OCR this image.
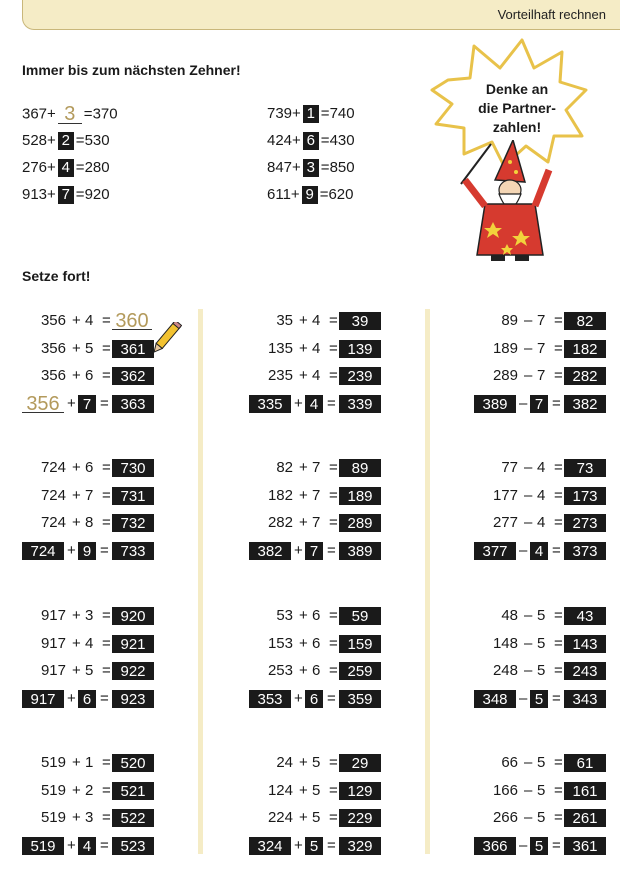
Vorteilhaft rechnen
Immer bis zum nächsten Zehner!
367+ 3 =370
528+ 2 =530
276+ 4 =280
913+ 7 =920
739+ 1 =740
424+ 6 =430
847+ 3 =850
611+ 9 =620
Denke an
die Partner-
zahlen!
Setze fort!
356 + 4 = 360
356 + 5 = 361
356 + 6 = 362
356 + 7 = 363
35 + 4 = 39
135 + 4 = 139
235 + 4 = 239
335 + 4 = 339
89 – 7 = 82
189 – 7 = 182
289 – 7 = 282
389 – 7 = 382
724 + 6 = 730
724 + 7 = 731
724 + 8 = 732
724 + 9 = 733
82 + 7 = 89
182 + 7 = 189
282 + 7 = 289
382 + 7 = 389
77 – 4 = 73
177 – 4 = 173
277 – 4 = 273
377 – 4 = 373
917 + 3 = 920
917 + 4 = 921
917 + 5 = 922
917 + 6 = 923
53 + 6 = 59
153 + 6 = 159
253 + 6 = 259
353 + 6 = 359
48 – 5 = 43
148 – 5 = 143
248 – 5 = 243
348 – 5 = 343
519 + 1 = 520
519 + 2 = 521
519 + 3 = 522
519 + 4 = 523
24 + 5 = 29
124 + 5 = 129
224 + 5 = 229
324 + 5 = 329
66 – 5 = 61
166 – 5 = 161
266 – 5 = 261
366 – 5 = 361
